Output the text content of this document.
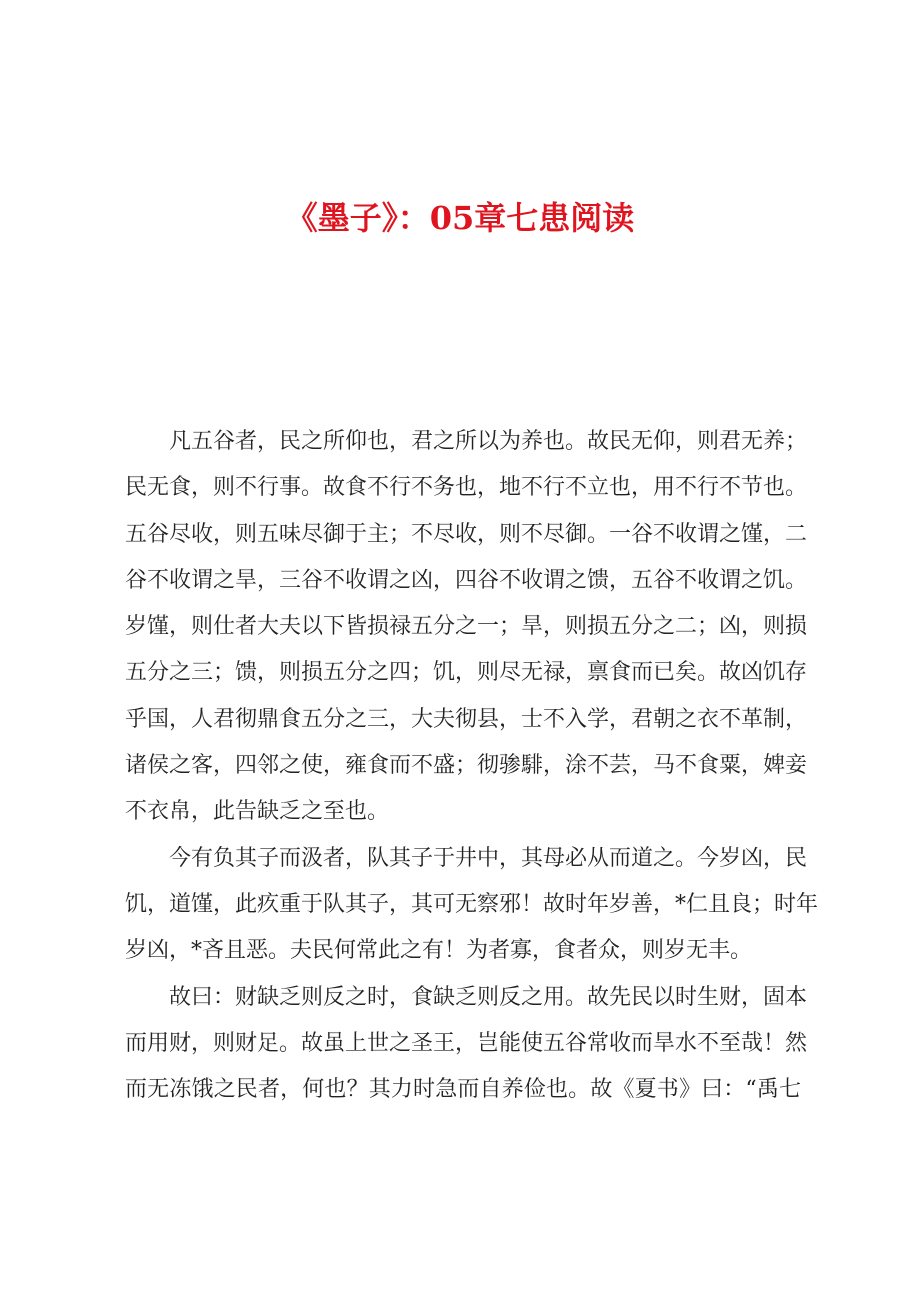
《墨子》：05章七患阅读
凡五谷者，民之所仰也，君之所以为养也。故民无仰，则君无养；
民无食，则不行事。故食不行不务也，地不行不立也，用不行不节也。
五谷尽收，则五味尽御于主；不尽收，则不尽御。一谷不收谓之馑，二
谷不收谓之旱，三谷不收谓之凶，四谷不收谓之馈，五谷不收谓之饥。
岁馑，则仕者大夫以下皆损禄五分之一；旱，则损五分之二；凶，则损
五分之三；馈，则损五分之四；饥，则尽无禄，禀食而已矣。故凶饥存
乎国，人君彻鼎食五分之三，大夫彻县，士不入学，君朝之衣不革制，
诸侯之客，四邻之使，雍食而不盛；彻骖騑，涂不芸，马不食粟，婢妾
不衣帛，此告缺乏之至也。
今有负其子而汲者，队其子于井中，其母必从而道之。今岁凶，民
饥，道馑，此疚重于队其子，其可无察邪！故时年岁善，*仁且良；时年
岁凶，*吝且恶。夫民何常此之有！为者寡，食者众，则岁无丰。
故曰：财缺乏则反之时，食缺乏则反之用。故先民以时生财，固本
而用财，则财足。故虽上世之圣王，岂能使五谷常收而旱水不至哉！然
而无冻饿之民者，何也？其力时急而自养俭也。故《夏书》曰：“禹七
